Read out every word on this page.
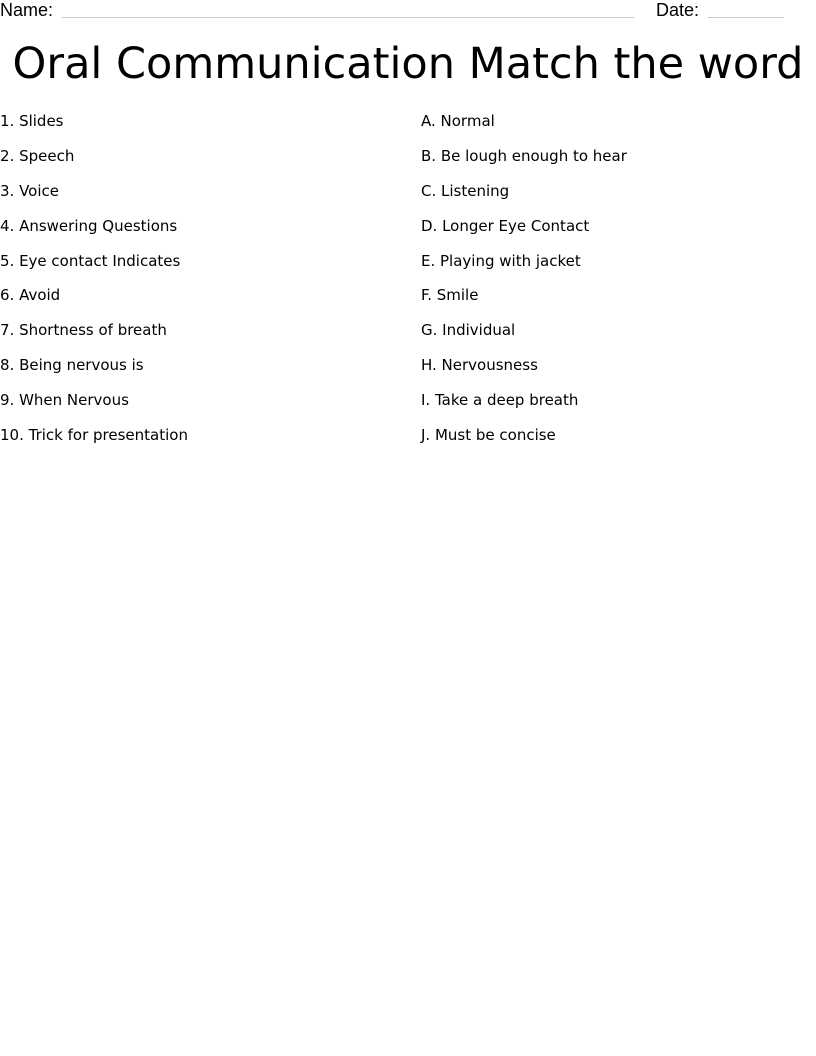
Name:	Date:
Oral Communication Match the word
1. Slides
2. Speech
3. Voice
4. Answering Questions
5. Eye contact Indicates
6. Avoid
7. Shortness of breath
8. Being nervous is
9. When Nervous
10. Trick for presentation
A. Normal
B. Be lough enough to hear
C. Listening
D. Longer Eye Contact
E. Playing with jacket
F. Smile
G. Individual
H. Nervousness
I. Take a deep breath
J. Must be concise
